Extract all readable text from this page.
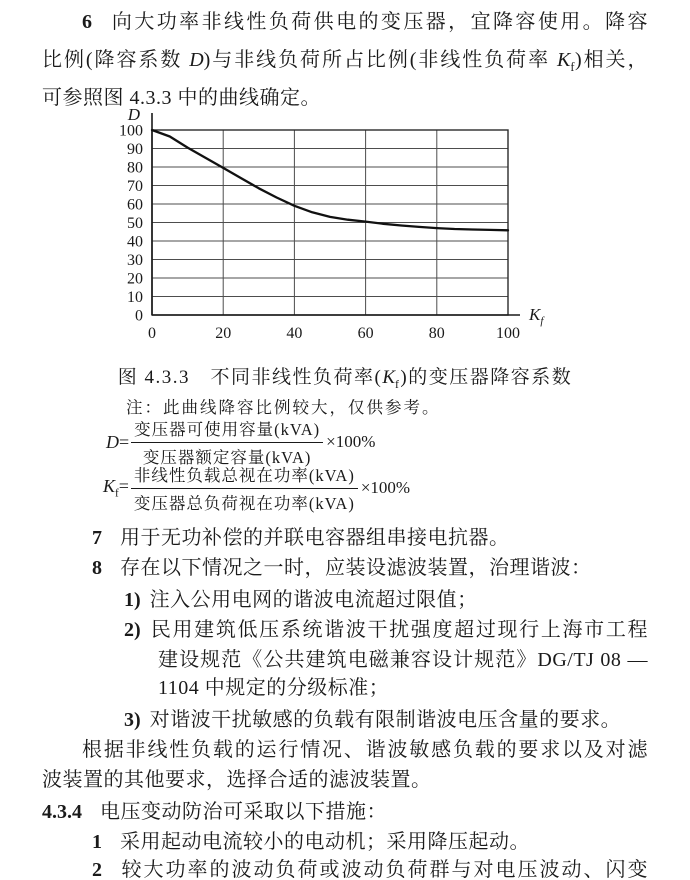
6 向大功率非线性负荷供电的变压器，宜降容使用。降容
比例(降容系数 D)与非线负荷所占比例(非线性负荷率 $K_f$)相关，
可参照图 4.3.3 中的曲线确定。
0
10
20
30
40
50
60
70
80
90
100
0	20	40	60	80	100
D
$K_f$
图 4.3.3　不同非线性负荷率$(K_f)$的变压器降容系数
注：此曲线降容比例较大，仅供参考。
$D= \frac{\text{变压器可使用容量(kVA)}}{\text{变压器额定容量(kVA)}} \times 100\%$
$K_f= \frac{\text{非线性负载总视在功率(kVA)}}{\text{变压器总负荷视在功率(kVA)}} \times 100\%$
7 用于无功补偿的并联电容器组串接电抗器。
8 存在以下情况之一时，应装设滤波装置，治理谐波：
1) 注入公用电网的谐波电流超过限值；
2) 民用建筑低压系统谐波干扰强度超过现行上海市工程
建设规范《公共建筑电磁兼容设计规范》DG/TJ 08 —
1104 中规定的分级标准；
3) 对谐波干扰敏感的负载有限制谐波电压含量的要求。
根据非线性负载的运行情况、谐波敏感负载的要求以及对滤
波装置的其他要求，选择合适的滤波装置。
4.3.4 电压变动防治可采取以下措施：
1 采用起动电流较小的电动机；采用降压起动。
2 较大功率的波动负荷或波动负荷群与对电压波动、闪变
